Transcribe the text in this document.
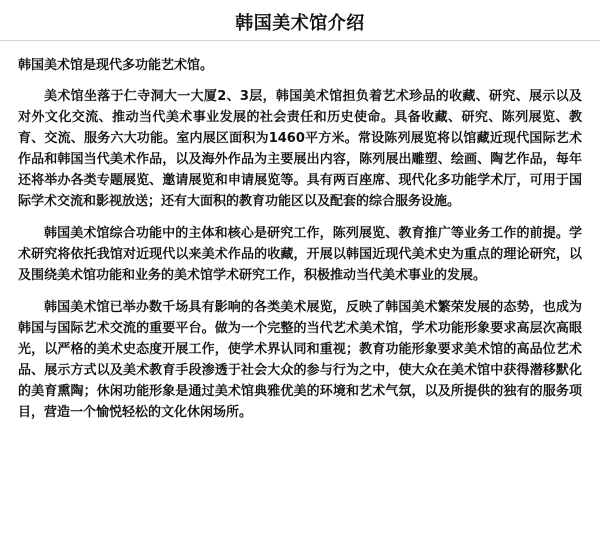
韩国美术馆介绍

韩国美术馆是现代多功能艺术馆。

美术馆坐落于仁寺洞大一大厦2、3层，韩国美术馆担负着艺术珍品的收藏、研究、展示以及对外文化交流、推动当代美术事业发展的社会责任和历史使命。具备收藏、研究、陈列展览、教育、交流、服务六大功能。室内展区面积为1460平方米。常设陈列展览将以馆藏近现代国际艺术作品和韩国当代美术作品，以及海外作品为主要展出内容，陈列展出雕塑、绘画、陶艺作品，每年还将举办各类专题展览、邀请展览和申请展览等。具有两百座席、现代化多功能学术厅，可用于国际学术交流和影视放送；还有大面积的教育功能区以及配套的综合服务设施。

韩国美术馆综合功能中的主体和核心是研究工作，陈列展览、教育推广等业务工作的前提。学术研究将依托我馆对近现代以来美术作品的收藏，开展以韩国近现代美术史为重点的理论研究，以及围绕美术馆功能和业务的美术馆学术研究工作，积极推动当代美术事业的发展。

韩国美术馆已举办数千场具有影响的各类美术展览，反映了韩国美术繁荣发展的态势，也成为韩国与国际艺术交流的重要平台。做为一个完整的当代艺术美术馆，学术功能形象要求高层次高眼光，以严格的美术史态度开展工作，使学术界认同和重视；教育功能形象要求美术馆的高品位艺术品、展示方式以及美术教育手段渗透于社会大众的参与行为之中，使大众在美术馆中获得潜移默化的美育熏陶；休闲功能形象是通过美术馆典雅优美的环境和艺术气氛，以及所提供的独有的服务项目，营造一个愉悦轻松的文化休闲场所。
